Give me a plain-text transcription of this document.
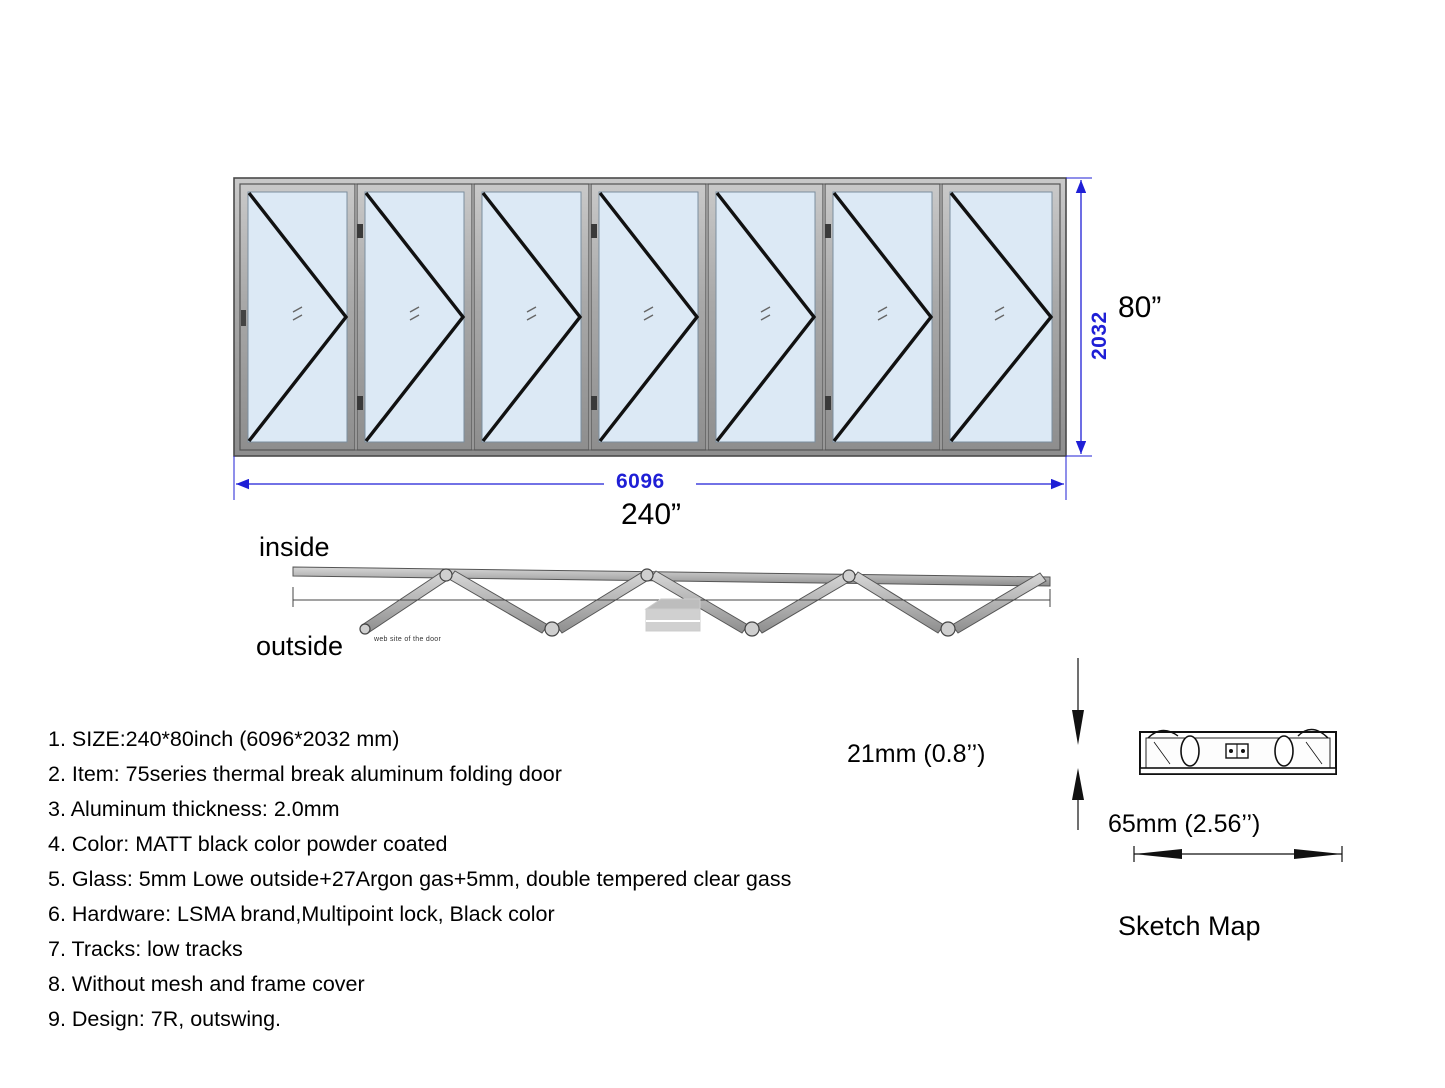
2032
80”
6096
240”
inside
outside	web site of the door
1. SIZE:240*80inch (6096*2032 mm)
2. Item: 75series thermal break aluminum folding door
3. Aluminum thickness: 2.0mm
4. Color: MATT black color powder coated
5. Glass: 5mm Lowe outside+27Argon gas+5mm, double tempered clear gass
6. Hardware: LSMA brand,Multipoint lock, Black color
7. Tracks: low tracks
8. Without mesh and frame cover
9. Design: 7R, outswing.
21mm (0.8’’)
65mm (2.56’’)
Sketch Map
